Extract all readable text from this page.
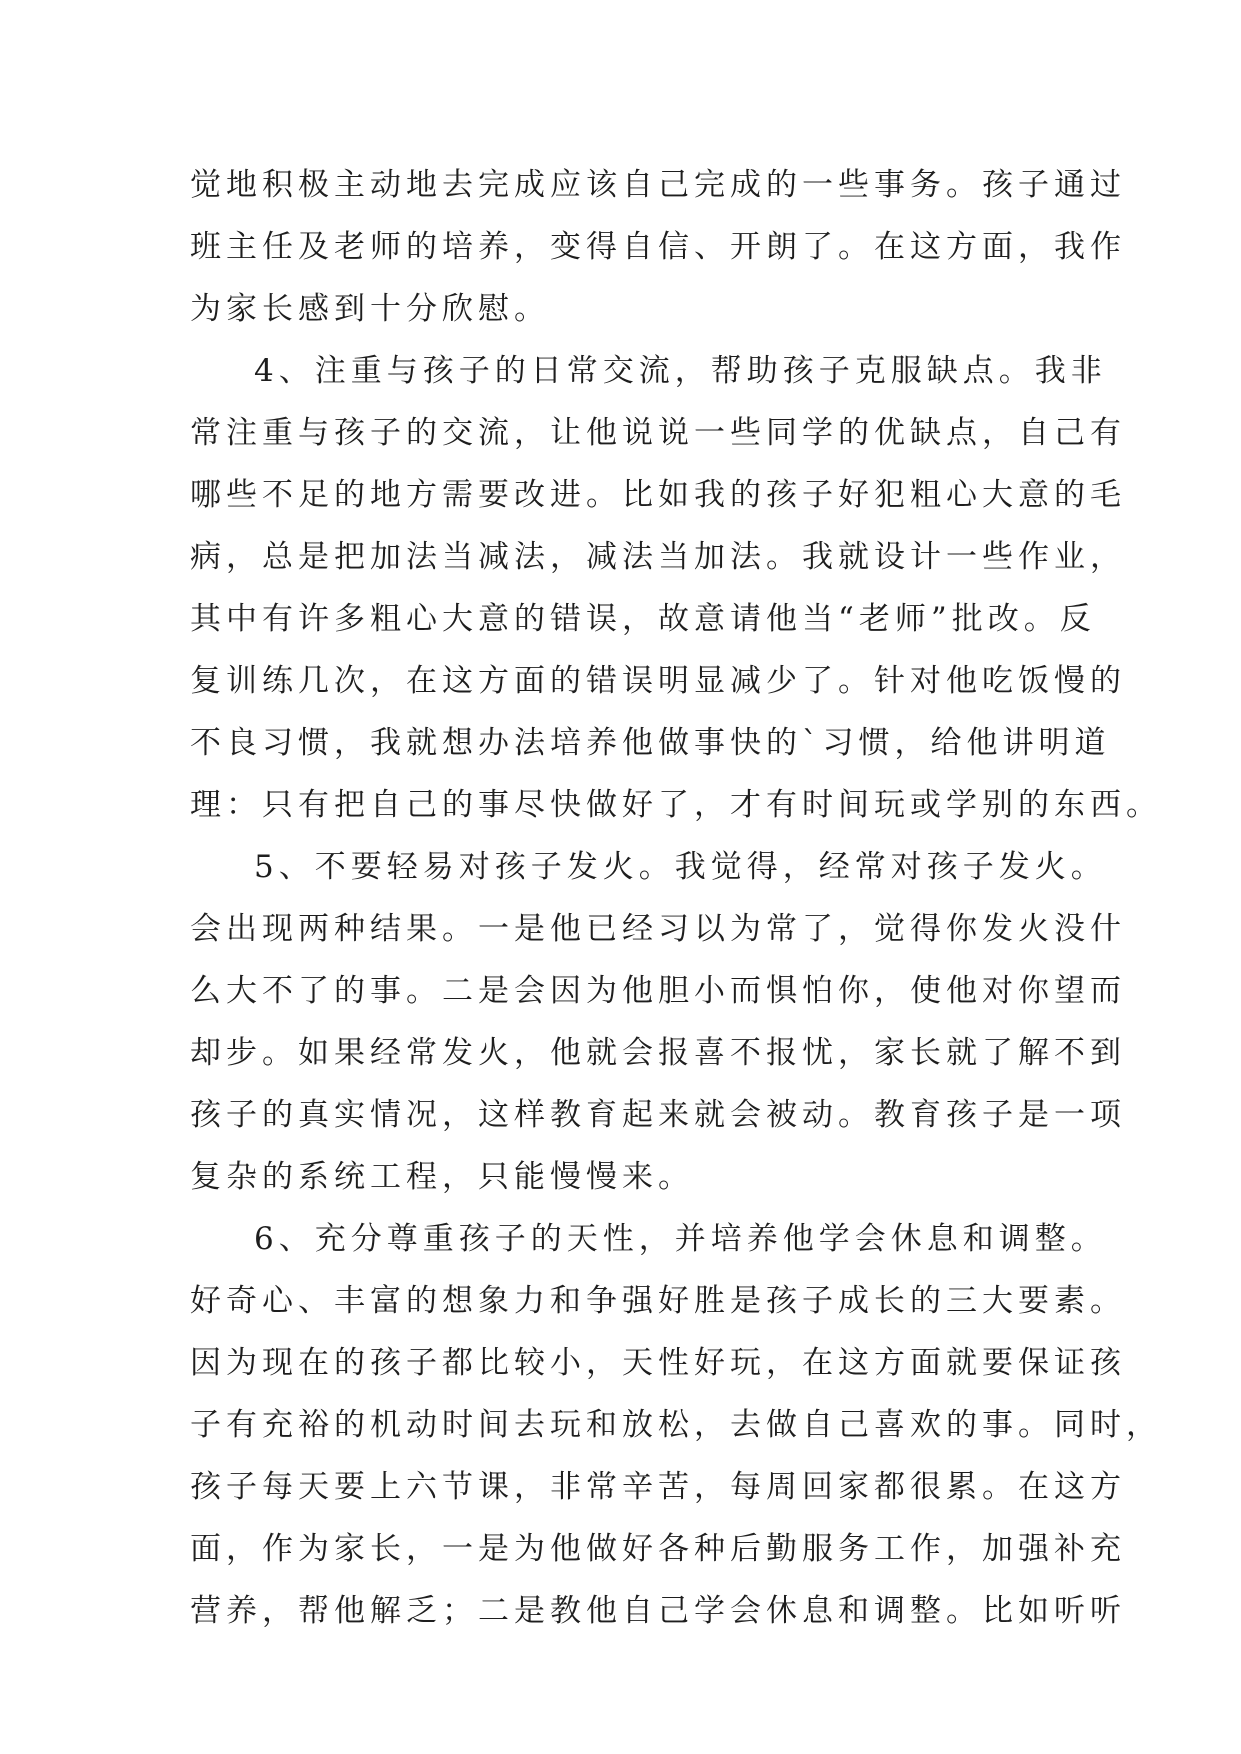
觉地积极主动地去完成应该自己完成的一些事务。孩子通过
班主任及老师的培养，变得自信、开朗了。在这方面，我作
为家长感到十分欣慰。
4、注重与孩子的日常交流，帮助孩子克服缺点。我非
常注重与孩子的交流，让他说说一些同学的优缺点，自己有
哪些不足的地方需要改进。比如我的孩子好犯粗心大意的毛
病，总是把加法当减法，减法当加法。我就设计一些作业，
其中有许多粗心大意的错误，故意请他当“老师”批改。反
复训练几次，在这方面的错误明显减少了。针对他吃饭慢的
不良习惯，我就想办法培养他做事快的`习惯，给他讲明道
理：只有把自己的事尽快做好了，才有时间玩或学别的东西。
5、不要轻易对孩子发火。我觉得，经常对孩子发火。
会出现两种结果。一是他已经习以为常了，觉得你发火没什
么大不了的事。二是会因为他胆小而惧怕你，使他对你望而
却步。如果经常发火，他就会报喜不报忧，家长就了解不到
孩子的真实情况，这样教育起来就会被动。教育孩子是一项
复杂的系统工程，只能慢慢来。
6、充分尊重孩子的天性，并培养他学会休息和调整。
好奇心、丰富的想象力和争强好胜是孩子成长的三大要素。
因为现在的孩子都比较小，天性好玩，在这方面就要保证孩
子有充裕的机动时间去玩和放松，去做自己喜欢的事。同时，
孩子每天要上六节课，非常辛苦，每周回家都很累。在这方
面，作为家长，一是为他做好各种后勤服务工作，加强补充
营养，帮他解乏；二是教他自己学会休息和调整。比如听听
